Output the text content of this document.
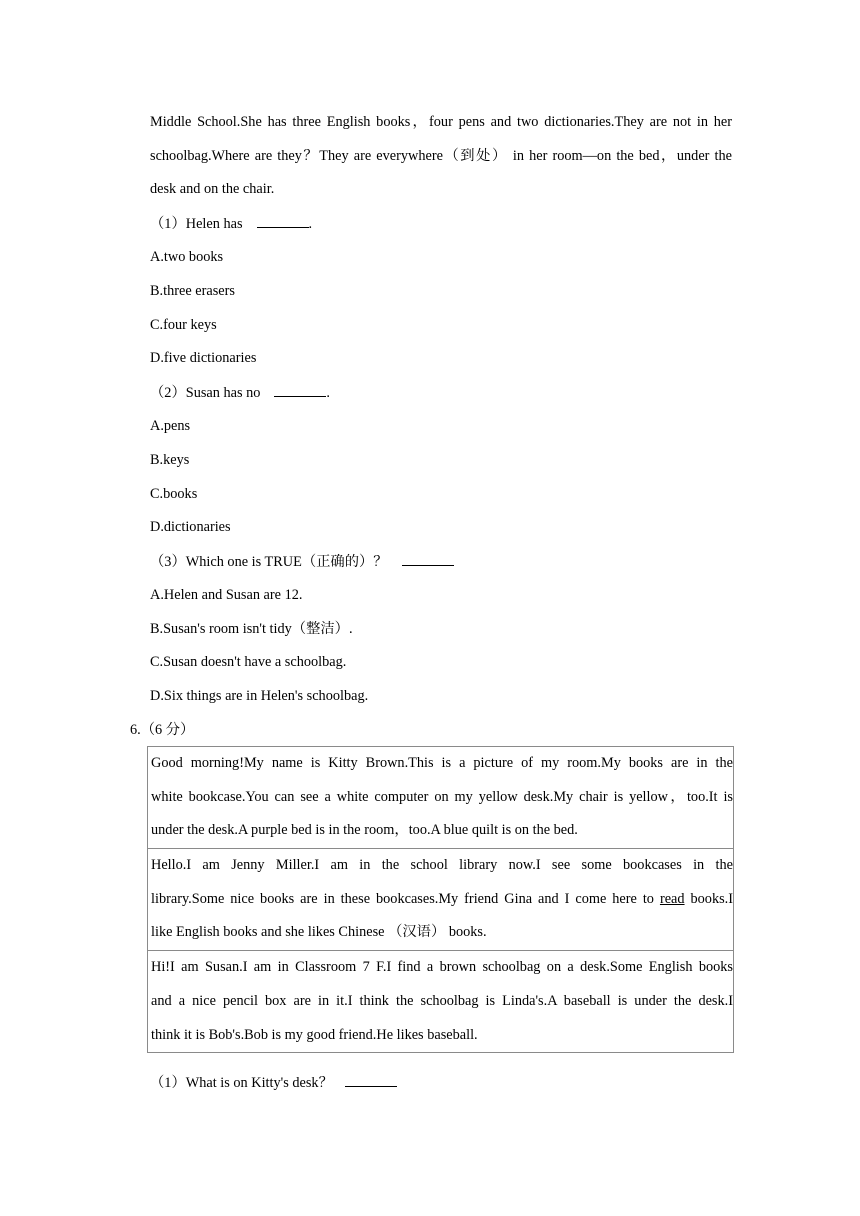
Middle School.She has three English books，four pens and two dictionaries.They are not in her
schoolbag.Where are they？They are everywhere（到处） in her room—on the bed，under the
desk and on the chair.
（1）Helen has	.
A.two books
B.three erasers
C.four keys
D.five dictionaries
（2）Susan has no	.
A.pens
B.keys
C.books
D.dictionaries
（3）Which one is TRUE（正确的）？
A.Helen and Susan are 12.
B.Susan's room isn't tidy（整洁）.
C.Susan doesn't have a schoolbag.
D.Six things are in Helen's schoolbag.
6.（6 分）
Good morning!My name is Kitty Brown.This is a picture of my room.My books are in the
white bookcase.You can see a white computer on my yellow desk.My chair is yellow，too.It is
under the desk.A purple bed is in the room，too.A blue quilt is on the bed.

Hello.I am Jenny Miller.I am in the school library now.I see some bookcases in the
library.Some nice books are in these bookcases.My friend Gina and I come here to read books.I
like English books and she likes Chinese （汉语） books.

Hi!I am Susan.I am in Classroom 7 F.I find a brown schoolbag on a desk.Some English books
and a nice pencil box are in it.I think the schoolbag is Linda's.A baseball is under the desk.I
think it is Bob's.Bob is my good friend.He likes baseball.
（1）What is on Kitty's desk？
